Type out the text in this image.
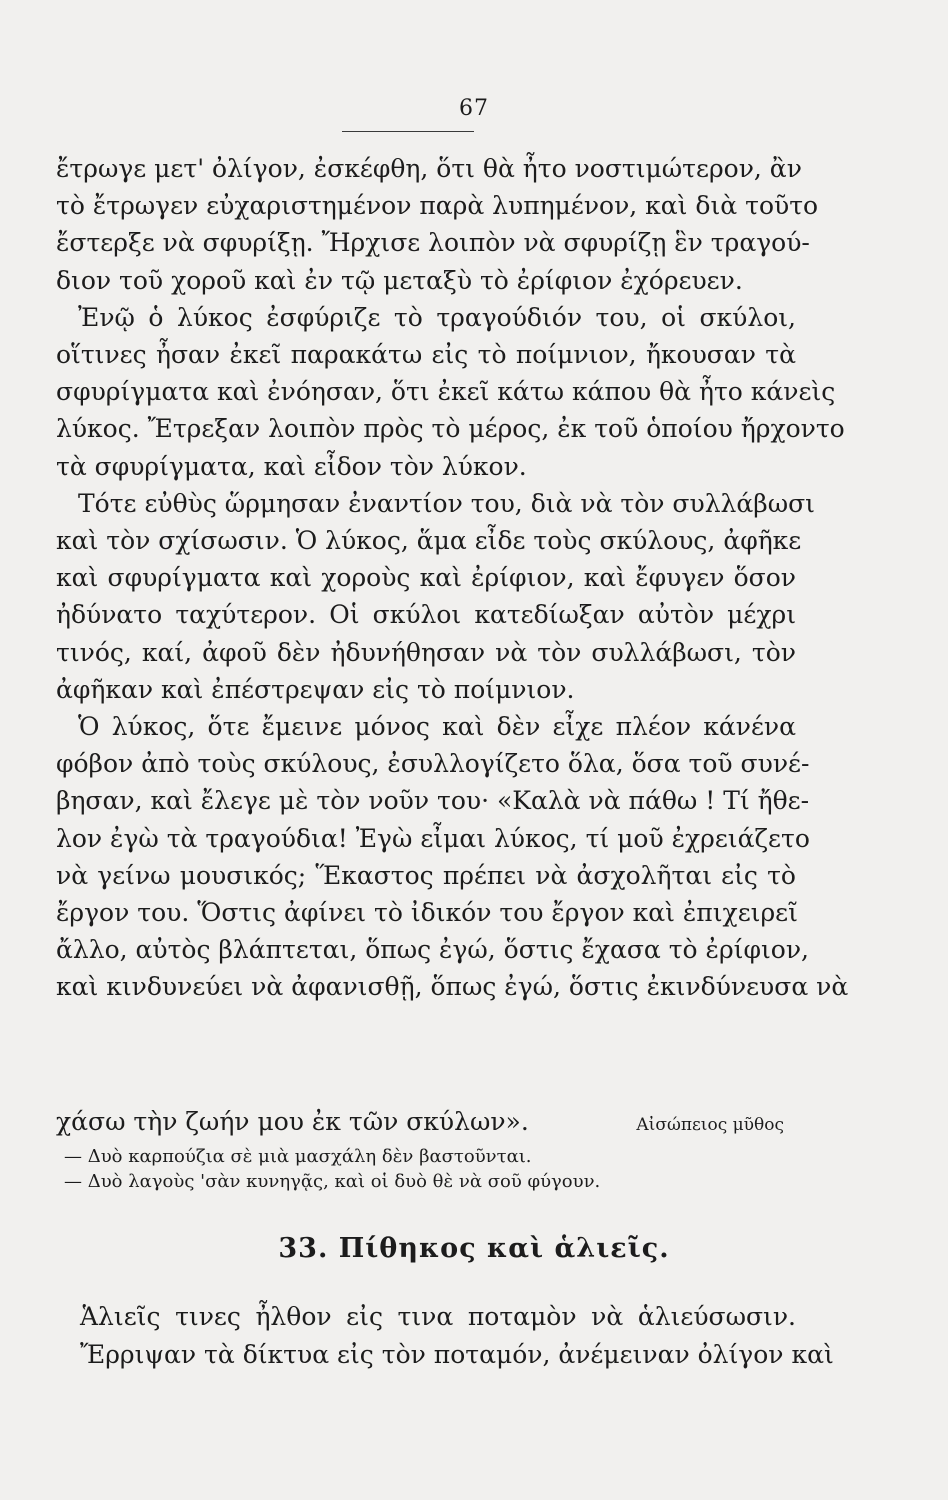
67
ἔτρωγε μετ' ὀλίγον, ἐσκέφθη, ὅτι θὰ ἦτο νοστιμώτερον, ἂν
τὸ ἔτρωγεν εὐχαριστημένον παρὰ λυπημένον, καὶ διὰ τοῦτο
ἔστερξε νὰ σφυρίξῃ. Ἤρχισε λοιπὸν νὰ σφυρίζῃ ἓν τραγού-
διον τοῦ χοροῦ καὶ ἐν τῷ μεταξὺ τὸ ἐρίφιον ἐχόρευεν.
Ἐνῷ ὁ λύκος ἐσφύριζε τὸ τραγούδιόν του, οἱ σκύλοι,
οἵτινες ἦσαν ἐκεῖ παρακάτω εἰς τὸ ποίμνιον, ἤκουσαν τὰ
σφυρίγματα καὶ ἐνόησαν, ὅτι ἐκεῖ κάτω κάπου θὰ ἦτο κάνεὶς
λύκος. Ἔτρεξαν λοιπὸν πρὸς τὸ μέρος, ἐκ τοῦ ὁποίου ἤρχοντο
τὰ σφυρίγματα, καὶ εἶδον τὸν λύκον.
Τότε εὐθὺς ὥρμησαν ἐναντίον του, διὰ νὰ τὸν συλλάβωσι
καὶ τὸν σχίσωσιν. Ὁ λύκος, ἅμα εἶδε τοὺς σκύλους, ἀφῆκε
καὶ σφυρίγματα καὶ χοροὺς καὶ ἐρίφιον, καὶ ἔφυγεν ὅσον
ἠδύνατο ταχύτερον. Οἱ σκύλοι κατεδίωξαν αὐτὸν μέχρι
τινός, καί, ἀφοῦ δὲν ἠδυνήθησαν νὰ τὸν συλλάβωσι, τὸν
ἀφῆκαν καὶ ἐπέστρεψαν εἰς τὸ ποίμνιον.
Ὁ λύκος, ὅτε ἔμεινε μόνος καὶ δὲν εἶχε πλέον κάνένα
φόβον ἀπὸ τοὺς σκύλους, ἐσυλλογίζετο ὅλα, ὅσα τοῦ συνέ-
βησαν, καὶ ἔλεγε μὲ τὸν νοῦν του· «Καλὰ νὰ πάθω ! Τί ἤθε-
λον ἐγὼ τὰ τραγούδια! Ἐγὼ εἶμαι λύκος, τί μοῦ ἐχρειάζετο
νὰ γείνω μουσικός; Ἕκαστος πρέπει νὰ ἀσχολῆται εἰς τὸ
ἔργον του. Ὅστις ἀφίνει τὸ ἰδικόν του ἔργον καὶ ἐπιχειρεῖ
ἄλλο, αὐτὸς βλάπτεται, ὅπως ἐγώ, ὅστις ἔχασα τὸ ἐρίφιον,
καὶ κινδυνεύει νὰ ἀφανισθῇ, ὅπως ἐγώ, ὅστις ἐκινδύνευσα νὰ
χάσω τὴν ζωήν μου ἐκ τῶν σκύλων».	Αἰσώπειος μῦθος
— Δυὸ καρπούζια σὲ μιὰ μασχάλη δὲν βαστοῦνται.
— Δυὸ λαγοὺς 'σὰν κυνηγᾷς, καὶ οἱ δυὸ θὲ νὰ σοῦ φύγουν.
33. Πίθηκος καὶ ἁλιεῖς.
Ἁλιεῖς τινες ἦλθον εἰς τινα ποταμὸν νὰ ἁλιεύσωσιν.
Ἔρριψαν τὰ δίκτυα εἰς τὸν ποταμόν, ἀνέμειναν ὀλίγον καὶ
